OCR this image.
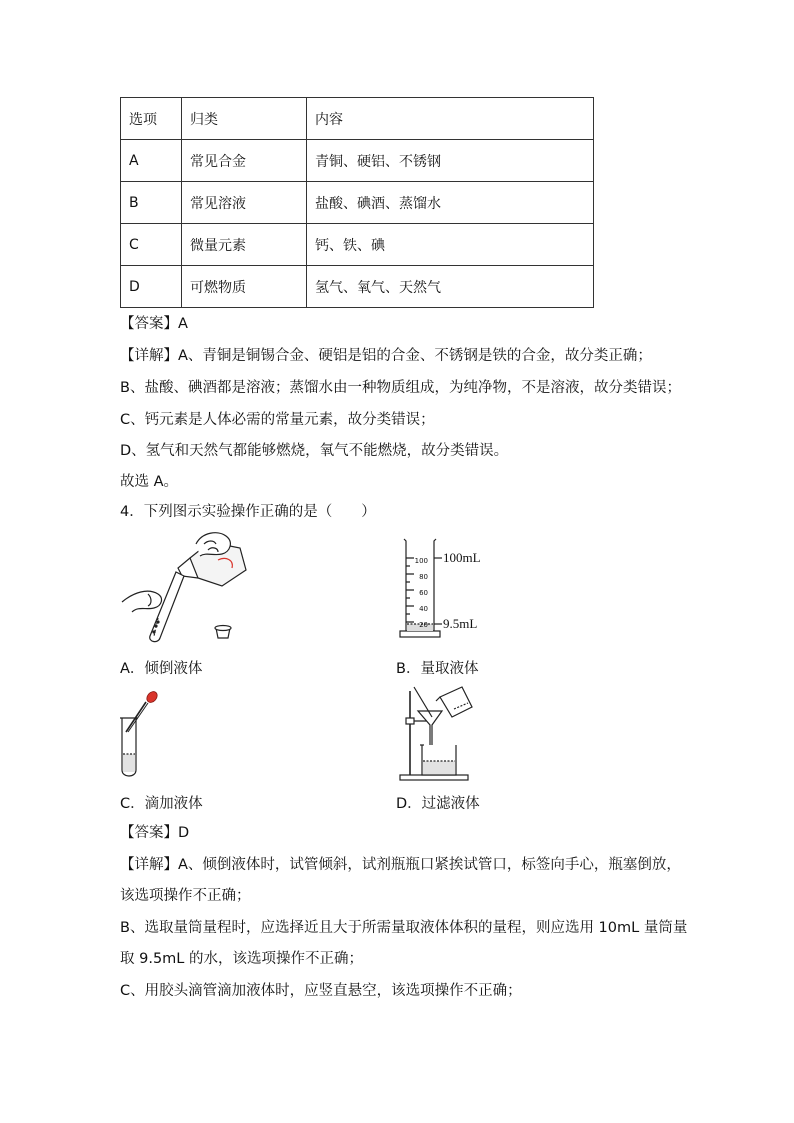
选项	归类	内容
A	常见合金	青铜、硬铝、不锈钢
B	常见溶液	盐酸、碘酒、蒸馏水
C	微量元素	钙、铁、碘
D	可燃物质	氢气、氧气、天然气
【答案】A
【详解】A、青铜是铜锡合金、硬铝是铝的合金、不锈钢是铁的合金，故分类正确；
B、盐酸、碘酒都是溶液；蒸馏水由一种物质组成，为纯净物，不是溶液，故分类错误；
C、钙元素是人体必需的常量元素，故分类错误；
D、氢气和天然气都能够燃烧，氧气不能燃烧，故分类错误。
故选 A。
4．下列图示实验操作正确的是（　　）
A．倾倒液体
100
80
60
40
20
100mL
9.5mL
B．量取液体
C．滴加液体	D．过滤液体
【答案】D
【详解】A、倾倒液体时，试管倾斜，试剂瓶瓶口紧挨试管口，标签向手心，瓶塞倒放，
该选项操作不正确；
B、选取量筒量程时，应选择近且大于所需量取液体体积的量程，则应选用 10mL 量筒量
取 9.5mL 的水，该选项操作不正确；
C、用胶头滴管滴加液体时，应竖直悬空，该选项操作不正确；
